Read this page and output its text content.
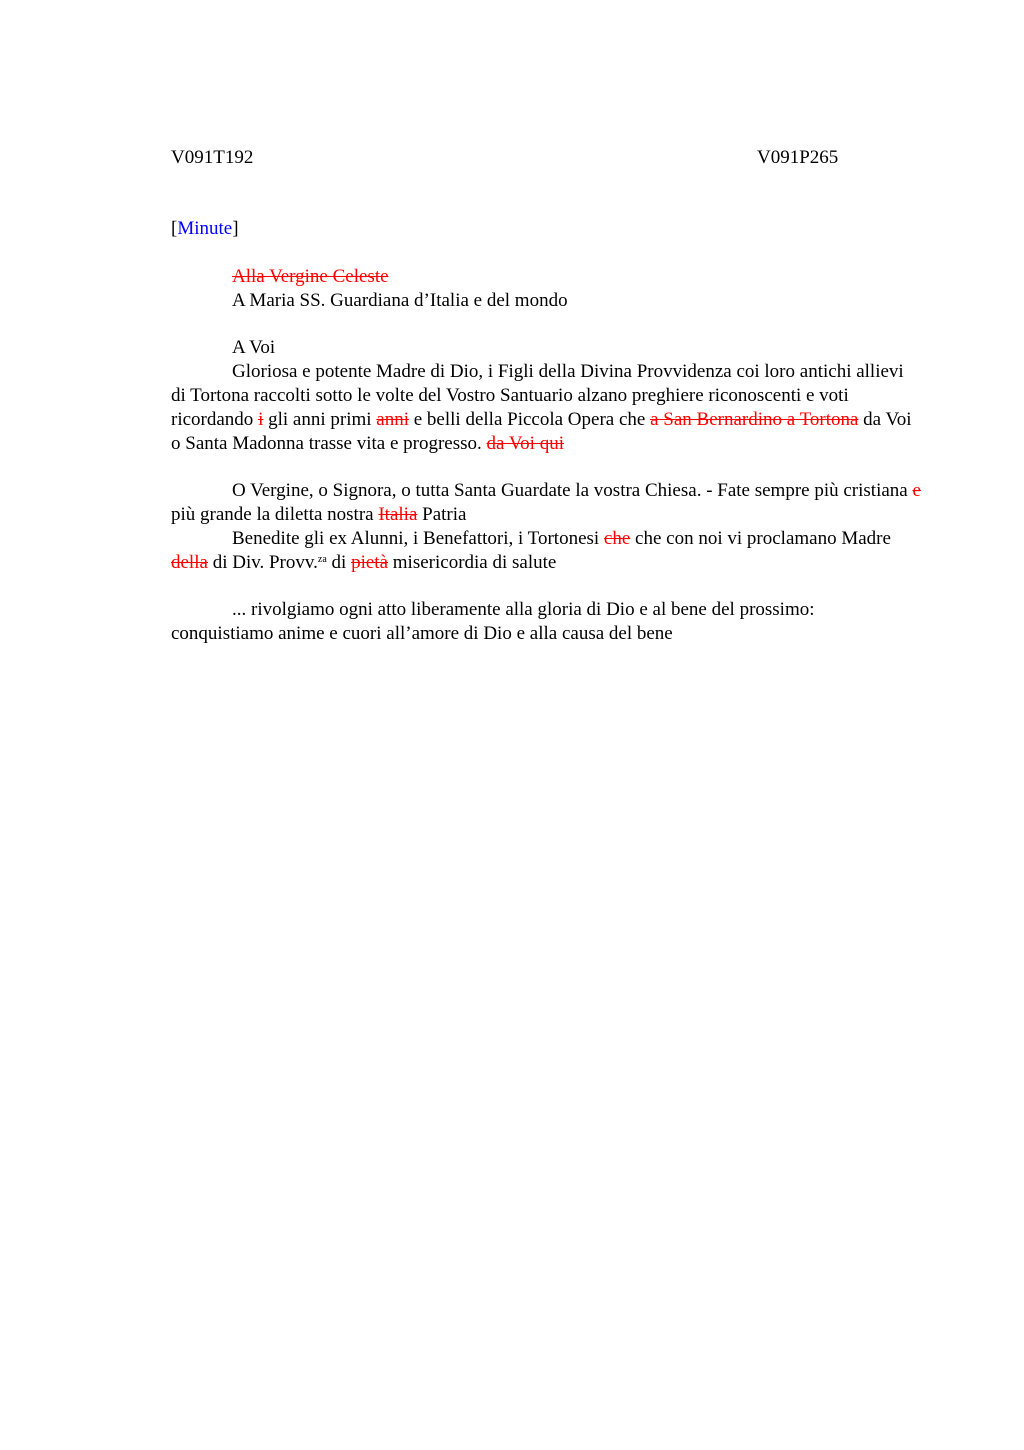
V091T192	V091P265
[Minute]

Alla Vergine Celeste

A Maria SS. Guardiana d’Italia e del mondo

A Voi

Gloriosa e potente Madre di Dio, i Figli della Divina Provvidenza coi loro antichi allievi di Tortona raccolti sotto le volte del Vostro Santuario alzano preghiere riconoscenti e voti ricordando i gli anni primi anni e belli della Piccola Opera che a San Bernardino a Tortona da Voi o Santa Madonna trasse vita e progresso. da Voi qui

O Vergine, o Signora, o tutta Santa Guardate la vostra Chiesa. - Fate sempre più cristiana e più grande la diletta nostra Italia Patria

Benedite gli ex Alunni, i Benefattori, i Tortonesi che che con noi vi proclamano Madre della di Div. Provv.$^{za}$ di pietà misericordia di salute

... rivolgiamo ogni atto liberamente alla gloria di Dio e al bene del prossimo: conquistiamo anime e cuori all’amore di Dio e alla causa del bene
